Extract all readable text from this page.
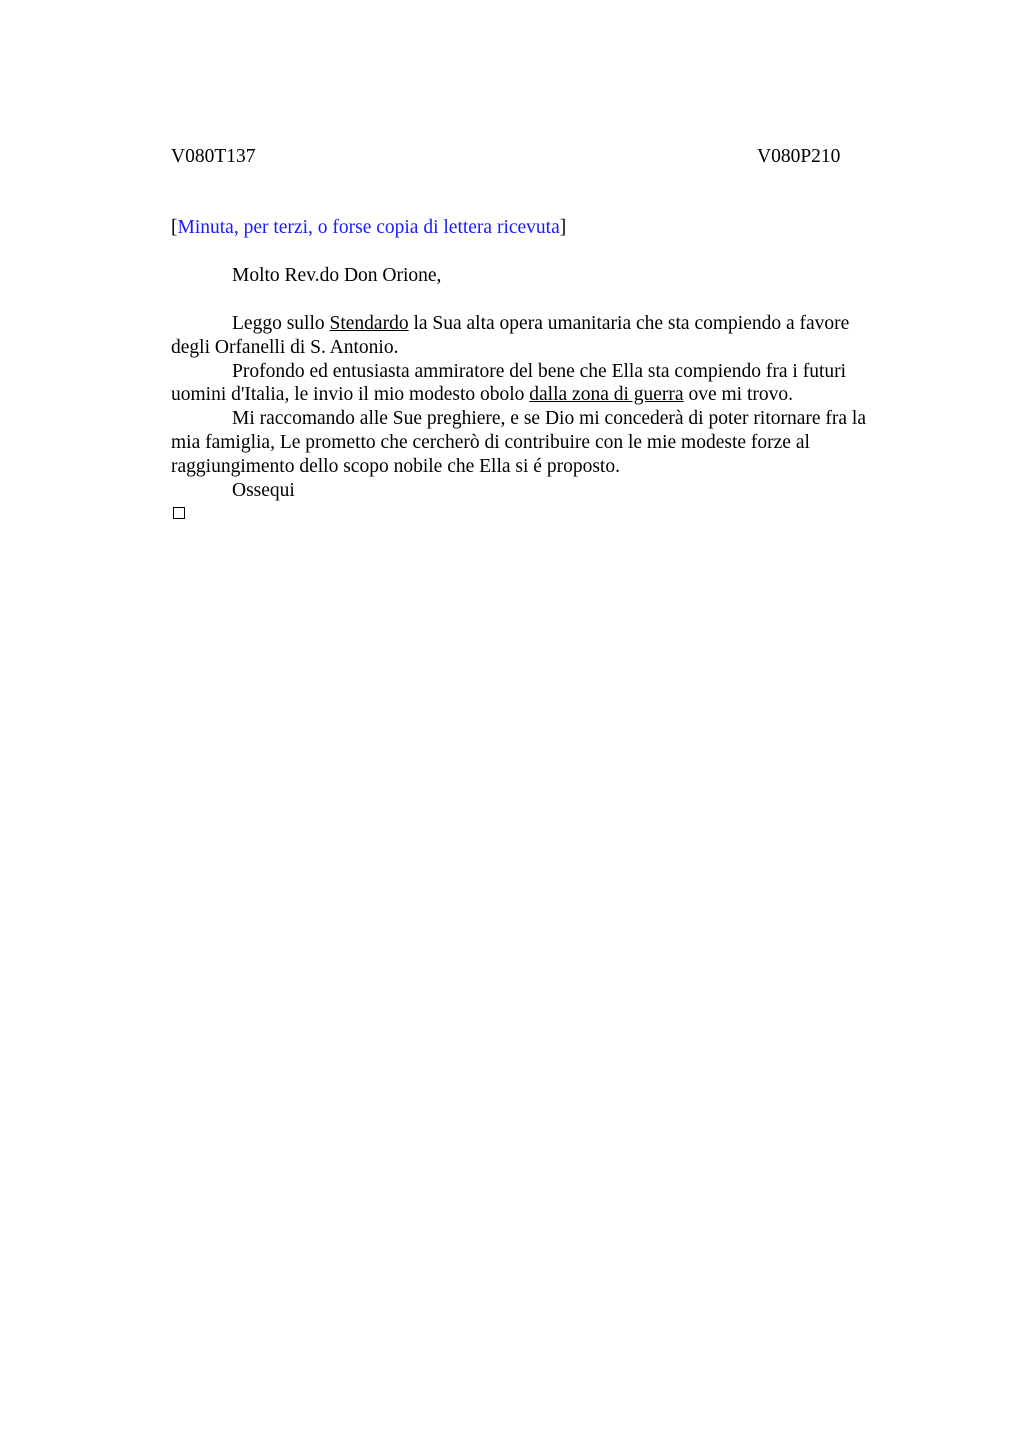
V080T137	V080P210
[Minuta, per terzi, o forse copia di lettera ricevuta]
Molto Rev.do Don Orione,

Leggo sullo Stendardo la Sua alta opera umanitaria che sta compiendo a favore
degli Orfanelli di S. Antonio.

Profondo ed entusiasta ammiratore del bene che Ella sta compiendo fra i futuri
uomini d'Italia, le invio il mio modesto obolo dalla zona di guerra ove mi trovo.

Mi raccomando alle Sue preghiere, e se Dio mi concederà di poter ritornare fra la
mia famiglia, Le prometto che cercherò di contribuire con le mie modeste forze al
raggiungimento dello scopo nobile che Ella si é proposto.

Ossequi
